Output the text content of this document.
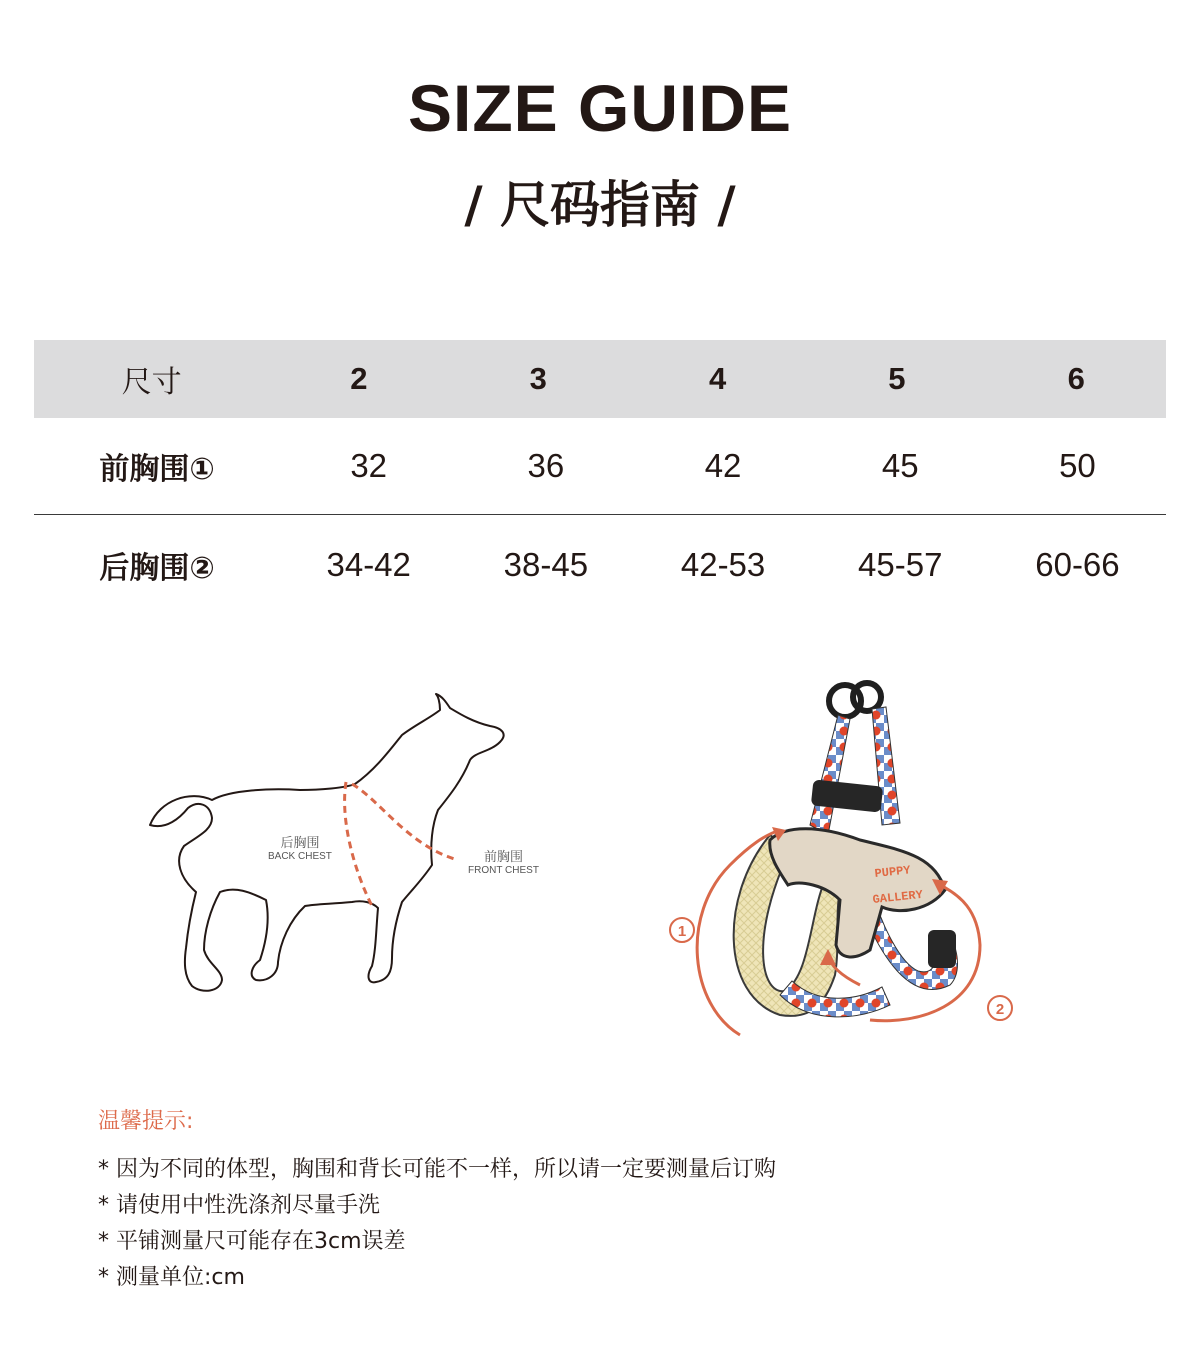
SIZE GUIDE
/ 尺码指南 /
尺寸	2	3	4	5	6
前胸围①	32	36	42	45	50
后胸围②	34-42	38-45	42-53	45-57	60-66
后胸围
BACK CHEST	前胸围
FRONT CHEST	PUPPY
GALLERY
1
2
温馨提示:
* 因为不同的体型，胸围和背长可能不一样，所以请一定要测量后订购
* 请使用中性洗涤剂尽量手洗
* 平铺测量尺可能存在3cm误差
* 测量单位:cm
